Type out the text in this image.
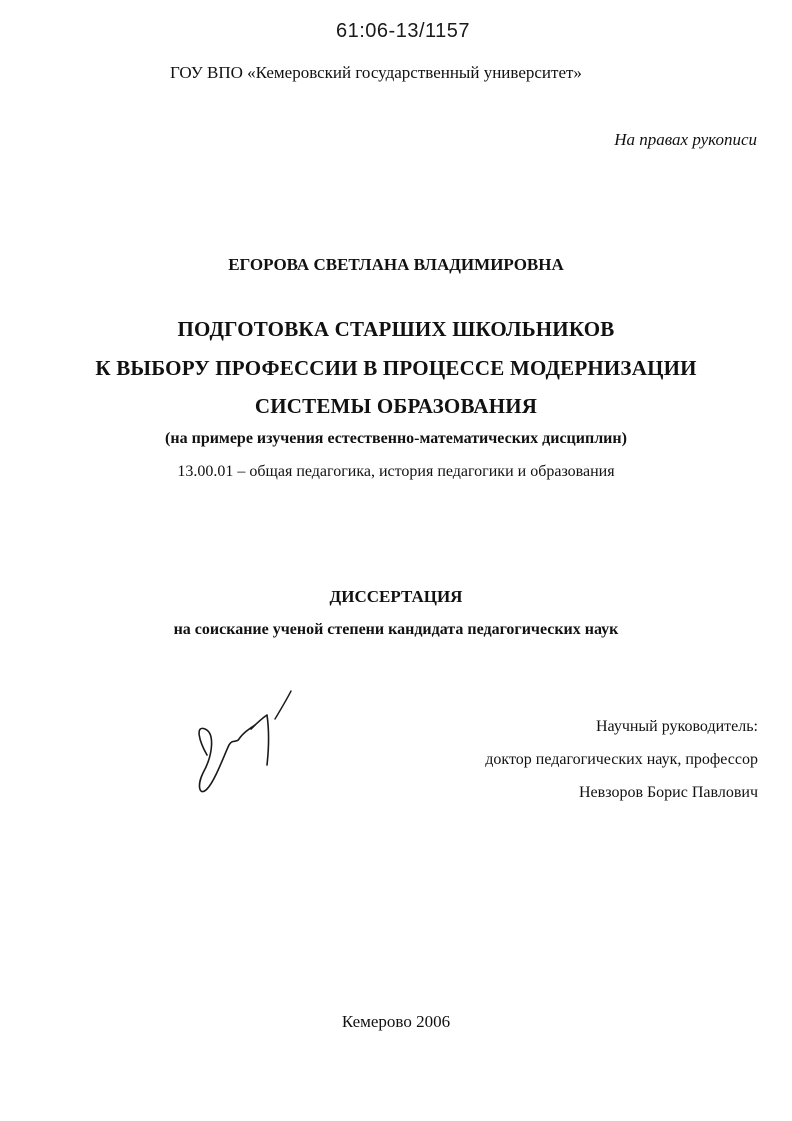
61:06-13/1157
ГОУ ВПО «Кемеровский государственный университет»
На правах рукописи
ЕГОРОВА СВЕТЛАНА ВЛАДИМИРОВНА
ПОДГОТОВКА СТАРШИХ ШКОЛЬНИКОВ
К ВЫБОРУ ПРОФЕССИИ В ПРОЦЕССЕ МОДЕРНИЗАЦИИ
СИСТЕМЫ ОБРАЗОВАНИЯ
(на примере изучения естественно-математических дисциплин)
13.00.01 – общая педагогика, история педагогики и образования
ДИССЕРТАЦИЯ
на соискание ученой степени кандидата педагогических наук
Научный руководитель:
доктор педагогических наук, профессор
Невзоров Борис Павлович
Кемерово 2006
